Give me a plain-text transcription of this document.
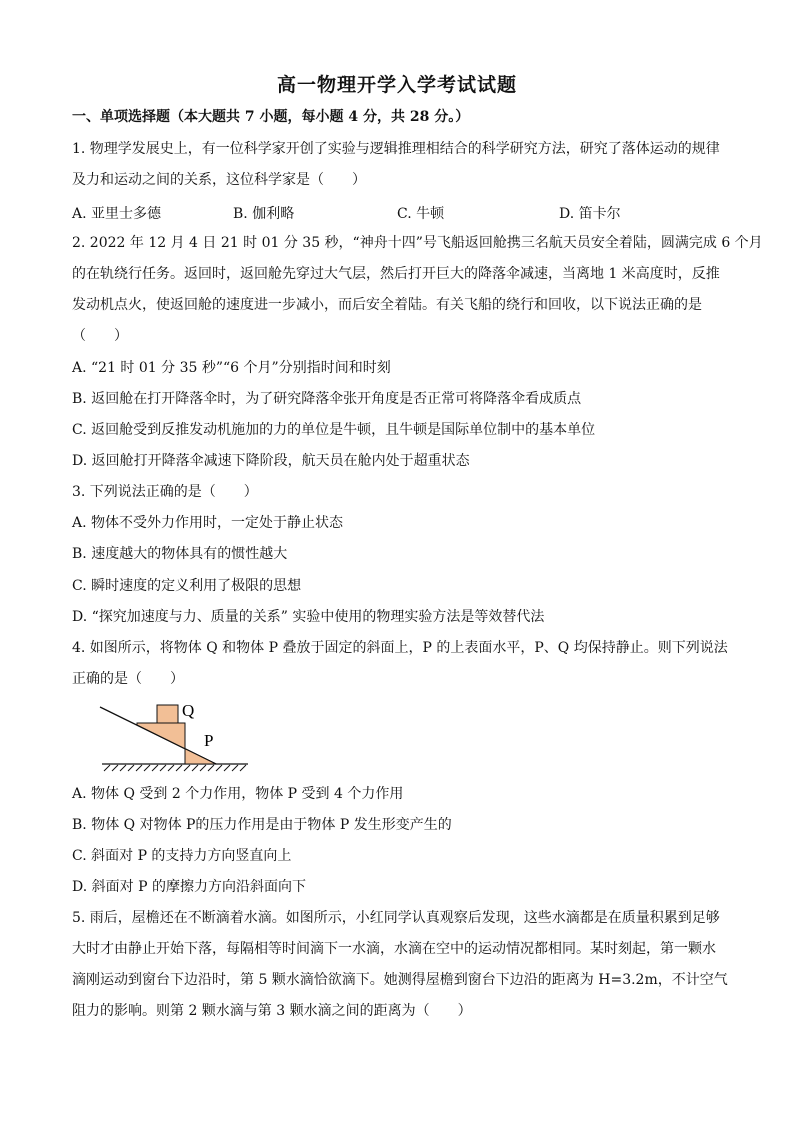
高一物理开学入学考试试题
一、单项选择题（本大题共 7 小题，每小题 4 分，共 28 分。）
1. 物理学发展史上，有一位科学家开创了实验与逻辑推理相结合的科学研究方法，研究了落体运动的规律
及力和运动之间的关系，这位科学家是（　　）
A. 亚里士多德	B. 伽利略	C. 牛顿	D. 笛卡尔
2. 2022 年 12 月 4 日 21 时 01 分 35 秒，“神舟十四”号飞船返回舱携三名航天员安全着陆，圆满完成 6 个月
的在轨绕行任务。返回时，返回舱先穿过大气层，然后打开巨大的降落伞减速，当离地 1 米高度时，反推
发动机点火，使返回舱的速度进一步减小，而后安全着陆。有关飞船的绕行和回收，以下说法正确的是
（　　）
A. “21 时 01 分 35 秒”“6 个月”分别指时间和时刻
B. 返回舱在打开降落伞时，为了研究降落伞张开角度是否正常可将降落伞看成质点
C. 返回舱受到反推发动机施加的力的单位是牛顿，且牛顿是国际单位制中的基本单位
D. 返回舱打开降落伞减速下降阶段，航天员在舱内处于超重状态
3. 下列说法正确的是（　　）
A. 物体不受外力作用时，一定处于静止状态
B. 速度越大的物体具有的惯性越大
C. 瞬时速度的定义利用了极限的思想
D. “探究加速度与力、质量的关系” 实验中使用的物理实验方法是等效替代法
4. 如图所示，将物体 Q 和物体 P 叠放于固定的斜面上，P 的上表面水平，P、Q 均保持静止。则下列说法
正确的是（　　）
Q
P
A. 物体 Q 受到 2 个力作用，物体 P 受到 4 个力作用
B. 物体 Q 对物体 P的压力作用是由于物体 P 发生形变产生的
C. 斜面对 P 的支持力方向竖直向上
D. 斜面对 P 的摩擦力方向沿斜面向下
5. 雨后，屋檐还在不断滴着水滴。如图所示，小红同学认真观察后发现，这些水滴都是在质量积累到足够
大时才由静止开始下落，每隔相等时间滴下一水滴，水滴在空中的运动情况都相同。某时刻起，第一颗水
滴刚运动到窗台下边沿时，第 5 颗水滴恰欲滴下。她测得屋檐到窗台下边沿的距离为 H=3.2m，不计空气
阻力的影响。则第 2 颗水滴与第 3 颗水滴之间的距离为（　　）
